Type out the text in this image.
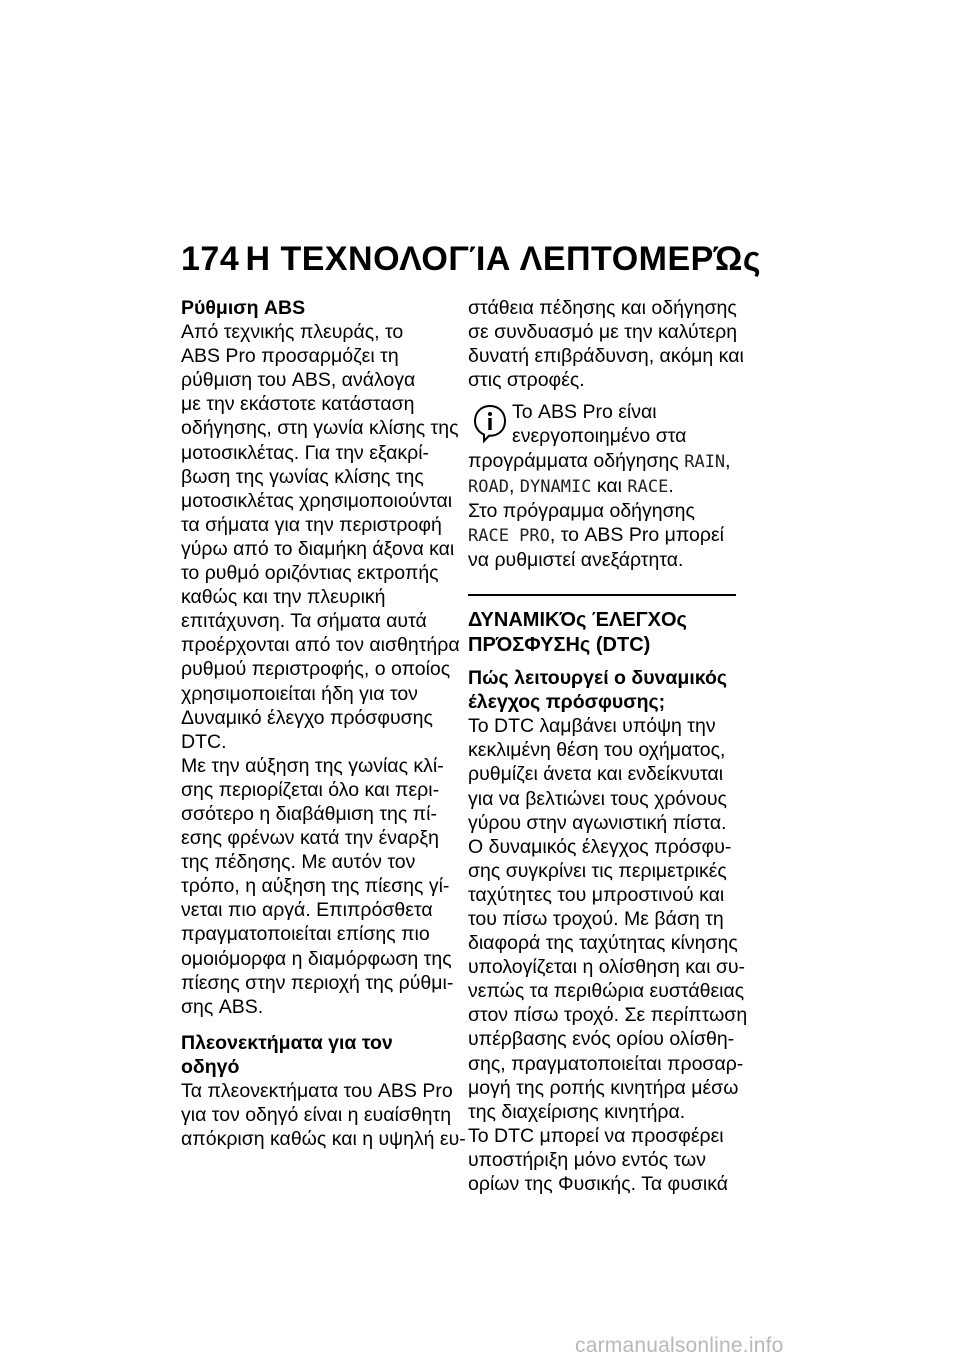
174 Η ΤΕΧΝΟΛΟΓΊΑ ΛΕΠΤΟΜΕΡΏς
Ρύθμιση ABS
Από τεχνικής πλευράς, το
ABS Pro προσαρμόζει τη
ρύθμιση του ABS, ανάλογα
με την εκάστοτε κατάσταση
οδήγησης, στη γωνία κλίσης της
μοτοσικλέτας. Για την εξακρί-
βωση της γωνίας κλίσης της
μοτοσικλέτας χρησιμοποιούνται
τα σήματα για την περιστροφή
γύρω από το διαμήκη άξονα και
το ρυθμό οριζόντιας εκτροπής
καθώς και την πλευρική
επιτάχυνση. Τα σήματα αυτά
προέρχονται από τον αισθητήρα
ρυθμού περιστροφής, ο οποίος
χρησιμοποιείται ήδη για τον
Δυναμικό έλεγχο πρόσφυσης
DTC.
Με την αύξηση της γωνίας κλί-
σης περιορίζεται όλο και περι-
σσότερο η διαβάθμιση της πί-
εσης φρένων κατά την έναρξη
της πέδησης. Με αυτόν τον
τρόπο, η αύξηση της πίεσης γί-
νεται πιο αργά. Επιπρόσθετα
πραγματοποιείται επίσης πιο
ομοιόμορφα η διαμόρφωση της
πίεσης στην περιοχή της ρύθμι-
σης ABS.
Πλεονεκτήματα για τον
οδηγό
Τα πλεονεκτήματα του ABS Pro
για τον οδηγό είναι η ευαίσθητη
απόκριση καθώς και η υψηλή ευ-
στάθεια πέδησης και οδήγησης
σε συνδυασμό με την καλύτερη
δυνατή επιβράδυνση, ακόμη και
στις στροφές.
Το ABS Pro είναι
ενεργοποιημένο στα
προγράμματα οδήγησης RAIN,
ROAD, DYNAMIC και RACE.
Στο πρόγραμμα οδήγησης
RACE PRO, το ABS Pro μπορεί
να ρυθμιστεί ανεξάρτητα.
ΔΥΝΑΜΙΚΌς ΈΛΕΓΧΟς
ΠΡΌΣΦΥΣΗς (DTC)
Πώς λειτουργεί ο δυναμικός
έλεγχος πρόσφυσης;
Το DTC λαμβάνει υπόψη την
κεκλιμένη θέση του οχήματος,
ρυθμίζει άνετα και ενδείκνυται
για να βελτιώνει τους χρόνους
γύρου στην αγωνιστική πίστα.
Ο δυναμικός έλεγχος πρόσφυ-
σης συγκρίνει τις περιμετρικές
ταχύτητες του μπροστινού και
του πίσω τροχού. Με βάση τη
διαφορά της ταχύτητας κίνησης
υπολογίζεται η ολίσθηση και συ-
νεπώς τα περιθώρια ευστάθειας
στον πίσω τροχό. Σε περίπτωση
υπέρβασης ενός ορίου ολίσθη-
σης, πραγματοποιείται προσαρ-
μογή της ροπής κινητήρα μέσω
της διαχείρισης κινητήρα.
Το DTC μπορεί να προσφέρει
υποστήριξη μόνο εντός των
ορίων της Φυσικής. Τα φυσικά
carmanualsonline.info
